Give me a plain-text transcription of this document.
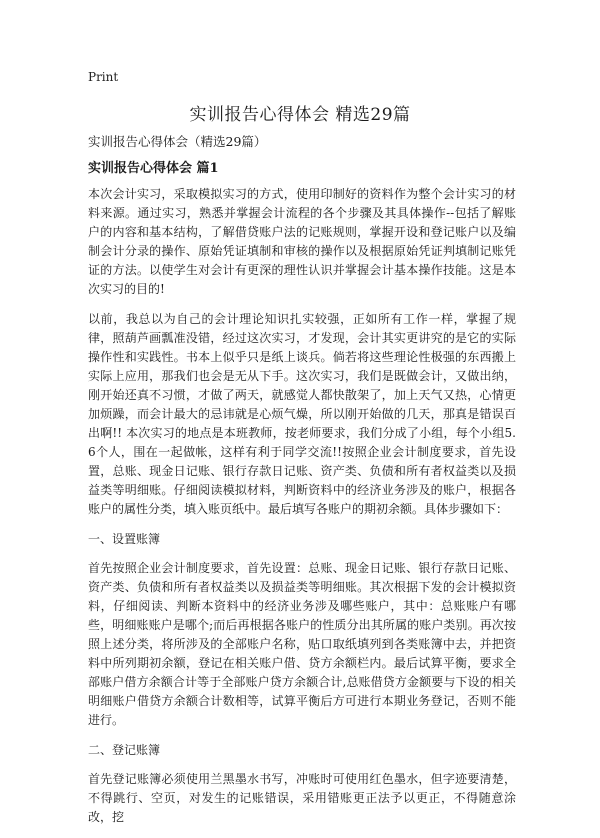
Print
实训报告心得体会 精选29篇

实训报告心得体会（精选29篇）

实训报告心得体会 篇1

本次会计实习，采取模拟实习的方式，使用印制好的资料作为整个会计实习的材料来源。通过实习，熟悉并掌握会计流程的各个步骤及其具体操作--包括了解账户的内容和基本结构，了解借贷账户法的记账规则，掌握开设和登记账户以及编制会计分录的操作、原始凭证填制和审核的操作以及根据原始凭证判填制记账凭证的方法。以使学生对会计有更深的理性认识并掌握会计基本操作技能。这是本次实习的目的!

以前，我总以为自己的会计理论知识扎实较强，正如所有工作一样，掌握了规律，照葫芦画瓢准没错，经过这次实习，才发现，会计其实更讲究的是它的实际操作性和实践性。书本上似乎只是纸上谈兵。倘若将这些理论性极强的东西搬上实际上应用，那我们也会是无从下手。这次实习，我们是既做会计，又做出纳，刚开始还真不习惯，才做了两天，就感觉人都快散架了，加上天气又热，心情更加烦躁，而会计最大的忌讳就是心烦气燥，所以刚开始做的几天，那真是错误百出啊!! 本次实习的地点是本班教师，按老师要求，我们分成了小组，每个小组5.6个人，围在一起做帐，这样有利于同学交流!!按照企业会计制度要求，首先设置，总账、现金日记账、银行存款日记账、资产类、负债和所有者权益类以及损益类等明细账。仔细阅读模拟材料，判断资料中的经济业务涉及的账户，根据各账户的属性分类，填入账页纸中。最后填写各账户的期初余额。具体步骤如下：

一、设置账簿

首先按照企业会计制度要求，首先设置：总账、现金日记账、银行存款日记账、资产类、负债和所有者权益类以及损益类等明细账。其次根据下发的会计模拟资料，仔细阅读、判断本资料中的经济业务涉及哪些账户，其中：总账账户有哪些，明细账账户是哪个;而后再根据各账户的性质分出其所属的账户类别。再次按照上述分类，将所涉及的全部账户名称，贴口取纸填列到各类账簿中去，并把资料中所列期初余额，登记在相关账户借、贷方余额栏内。最后试算平衡，要求全部账户借方余额合计等于全部账户贷方余额合计,总账借贷方金额要与下设的相关明细账户借贷方余额合计数相等，试算平衡后方可进行本期业务登记，否则不能进行。

二、登记账簿

首先登记账簿必须使用兰黑墨水书写，冲账时可使用红色墨水，但字迹要清楚，不得跳行、空页，对发生的记账错误，采用错账更正法予以更正，不得随意涂改，挖
